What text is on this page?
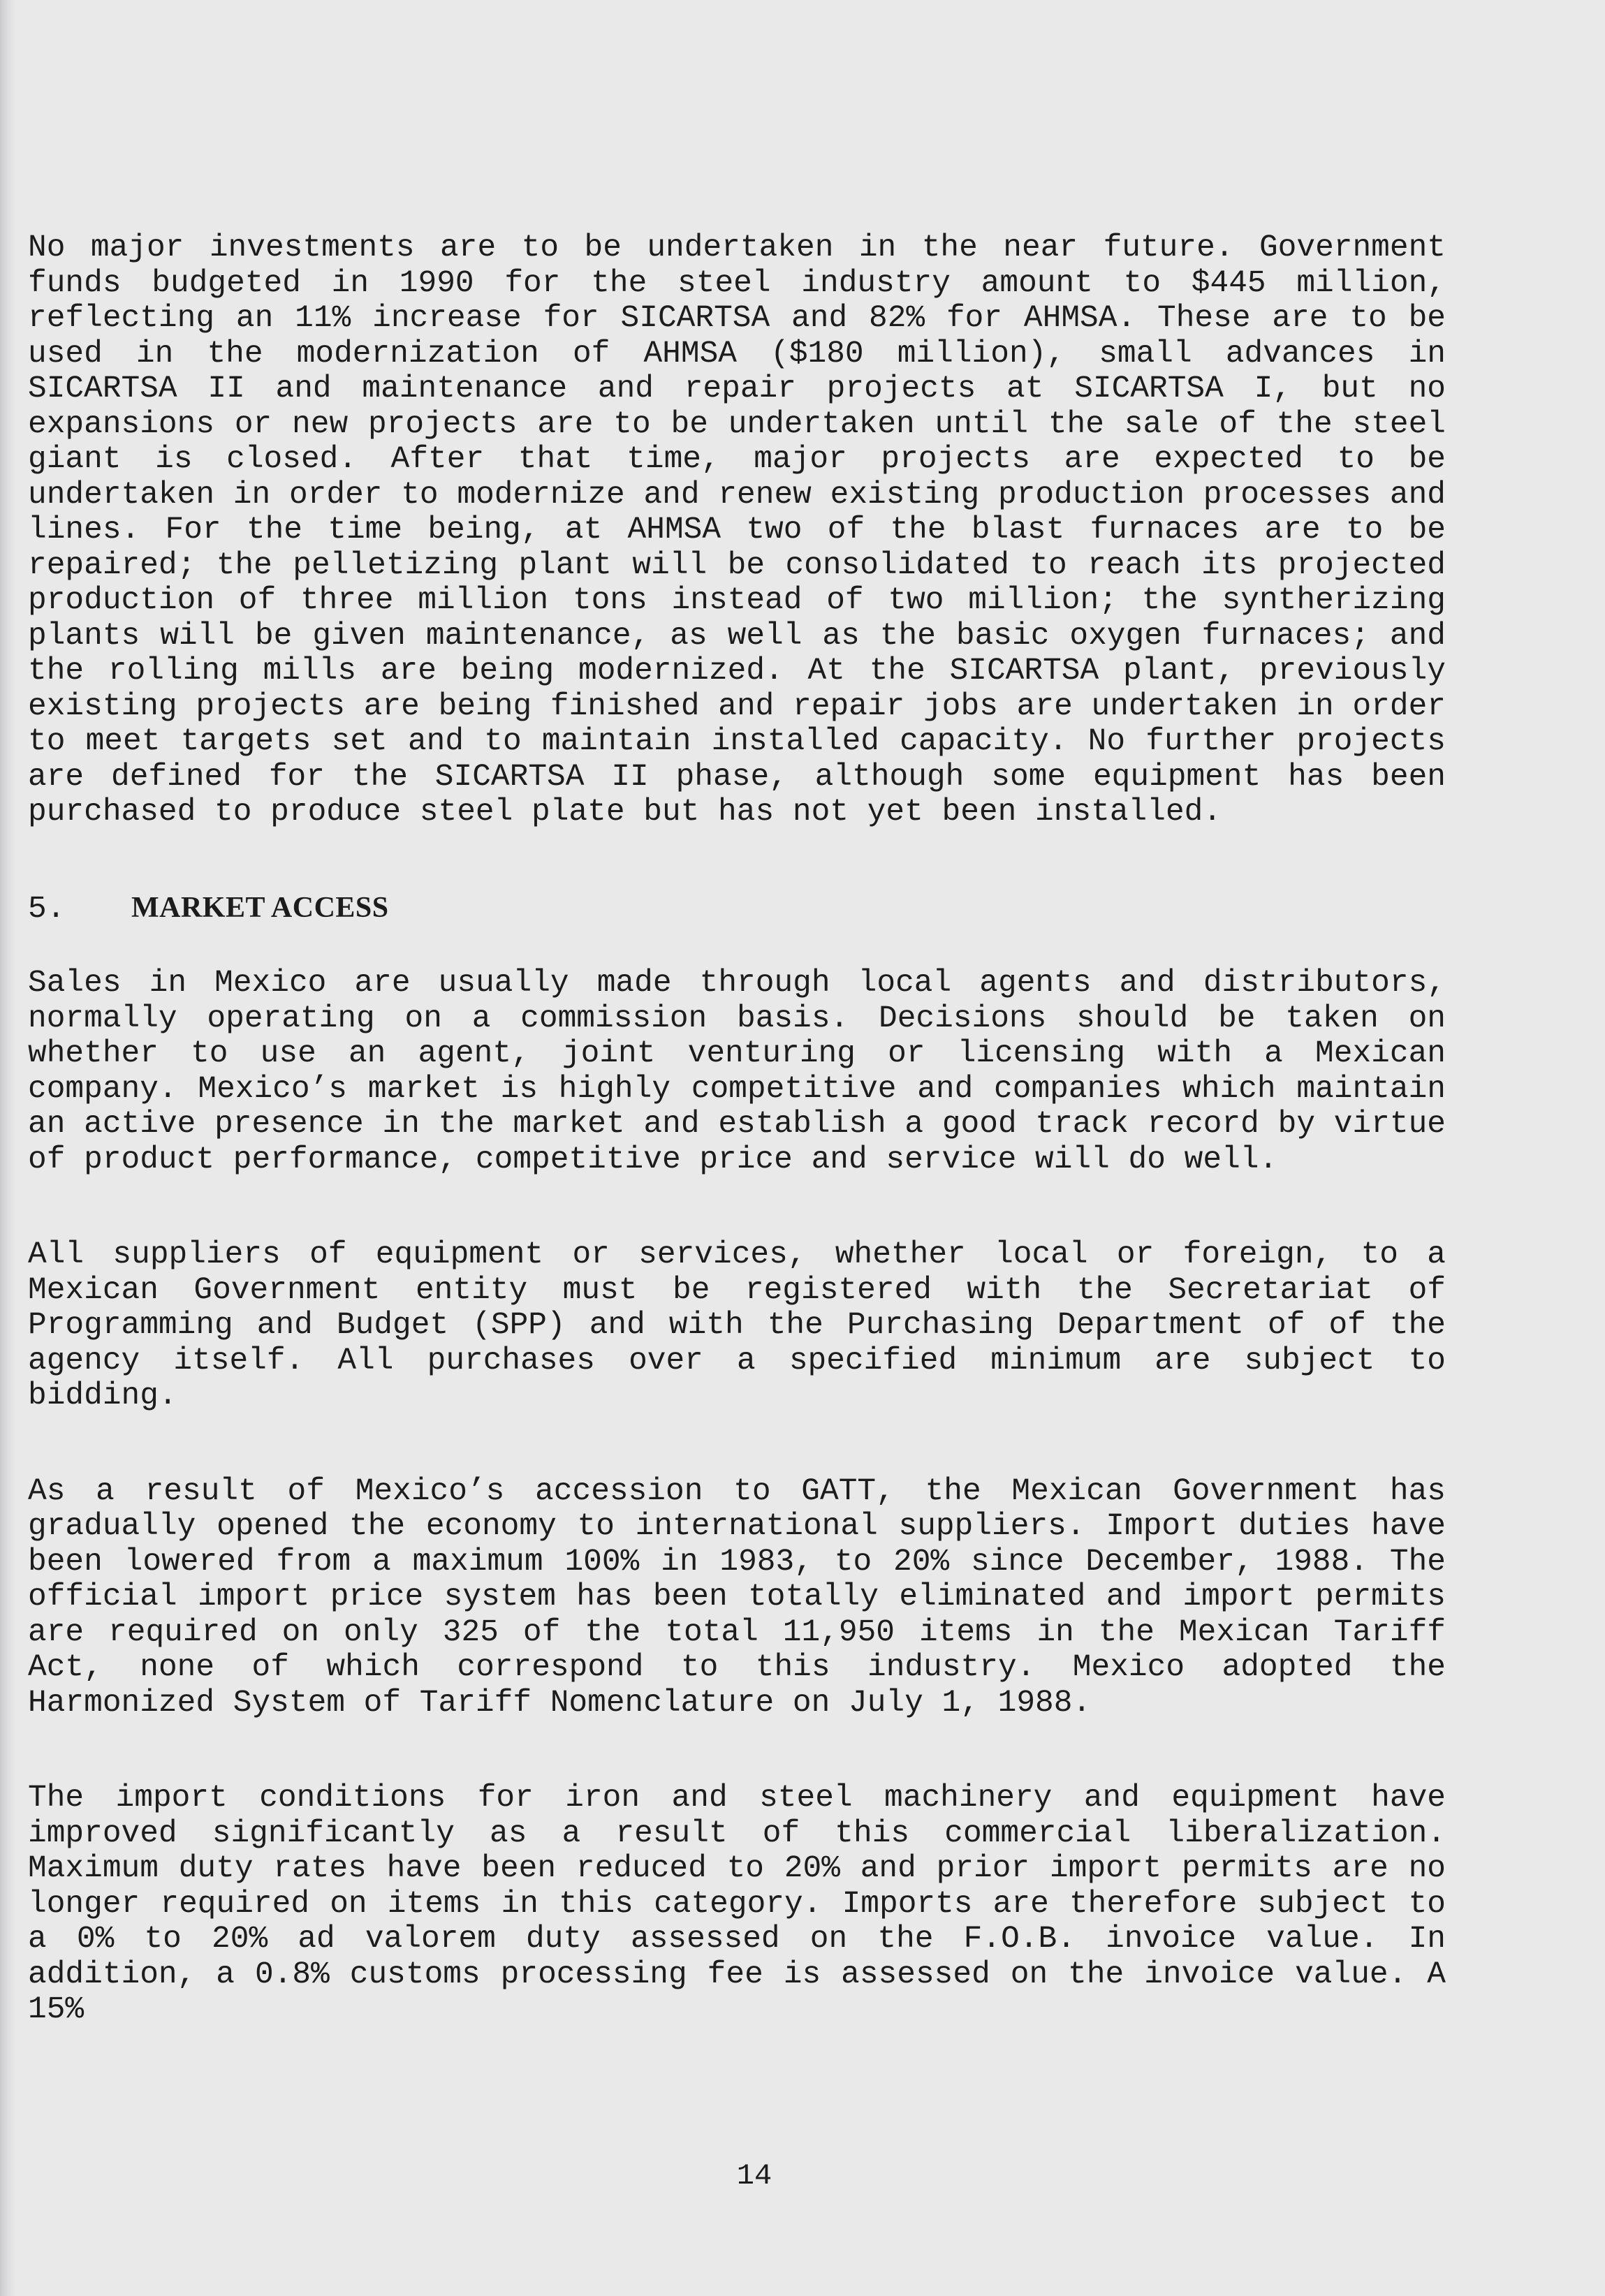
No major investments are to be undertaken in the near future. Government funds budgeted in 1990 for the steel industry amount to $445 million, reflecting an 11% increase for SICARTSA and 82% for AHMSA. These are to be used in the modernization of AHMSA ($180 million), small advances in SICARTSA II and maintenance and repair projects at SICARTSA I, but no expansions or new projects are to be undertaken until the sale of the steel giant is closed. After that time, major projects are expected to be undertaken in order to modernize and renew existing production processes and lines. For the time being, at AHMSA two of the blast furnaces are to be repaired; the pelletizing plant will be consolidated to reach its projected production of three million tons instead of two million; the syntherizing plants will be given maintenance, as well as the basic oxygen furnaces; and the rolling mills are being modernized. At the SICARTSA plant, previously existing projects are being finished and repair jobs are undertaken in order to meet targets set and to maintain installed capacity. No further projects are defined for the SICARTSA II phase, although some equipment has been purchased to produce steel plate but has not yet been installed.

5.	MARKET ACCESS

Sales in Mexico are usually made through local agents and distributors, normally operating on a commission basis. Decisions should be taken on whether to use an agent, joint venturing or licensing with a Mexican company. Mexico’s market is highly competitive and companies which maintain an active presence in the market and establish a good track record by virtue of product performance, competitive price and service will do well.

All suppliers of equipment or services, whether local or foreign, to a Mexican Government entity must be registered with the Secretariat of Programming and Budget (SPP) and with the Purchasing Department of of the agency itself. All purchases over a specified minimum are subject to bidding.

As a result of Mexico’s accession to GATT, the Mexican Government has gradually opened the economy to international suppliers. Import duties have been lowered from a maximum 100% in 1983, to 20% since December, 1988. The official import price system has been totally eliminated and import permits are required on only 325 of the total 11,950 items in the Mexican Tariff Act, none of which correspond to this industry. Mexico adopted the Harmonized System of Tariff Nomenclature on July 1, 1988.

The import conditions for iron and steel machinery and equipment have improved significantly as a result of this commercial liberalization. Maximum duty rates have been reduced to 20% and prior import permits are no longer required on items in this category. Imports are therefore subject to a 0% to 20% ad valorem duty assessed on the F.O.B. invoice value. In addition, a 0.8% customs processing fee is assessed on the invoice value. A 15%

14
